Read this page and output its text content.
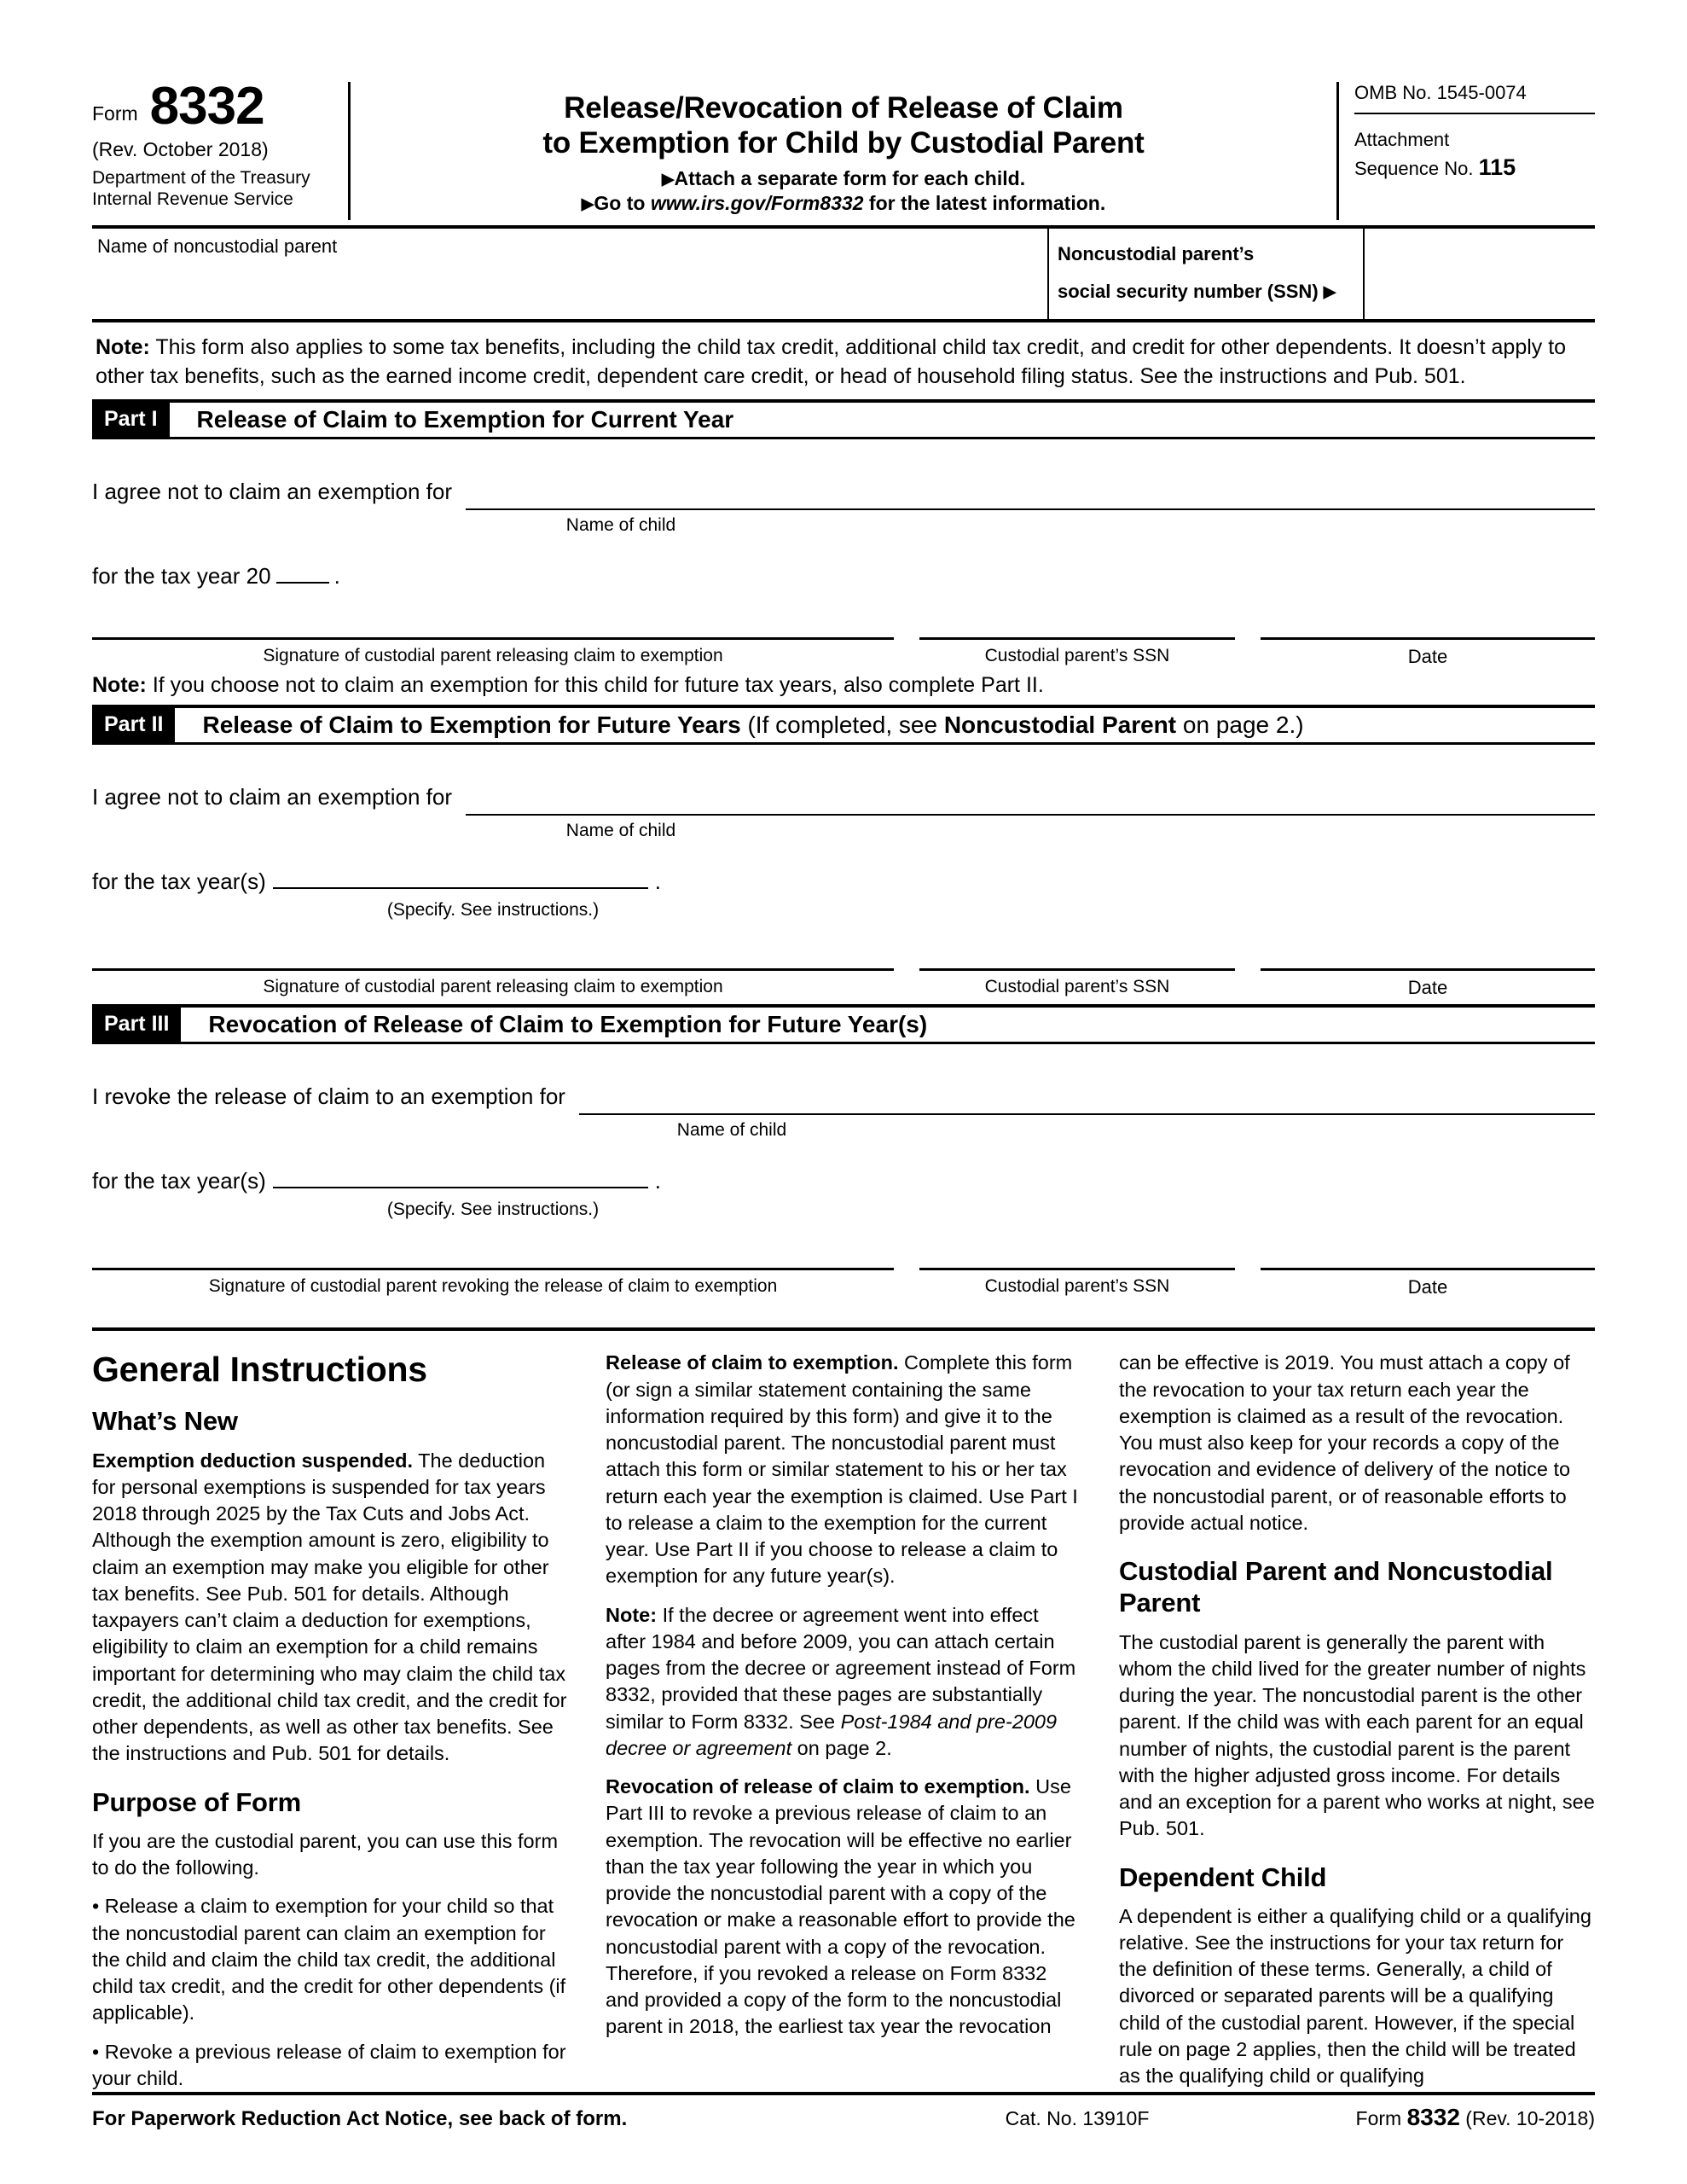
Form 8332
(Rev. October 2018)
Department of the Treasury
Internal Revenue Service
Release/Revocation of Release of Claim
to Exemption for Child by Custodial Parent
▶Attach a separate form for each child.
▶Go to www.irs.gov/Form8332 for the latest information.
OMB No. 1545-0074
Attachment
Sequence No. 115
Name of noncustodial parent	Noncustodial parent’s
social security number (SSN) ▶
Note: This form also applies to some tax benefits, including the child tax credit, additional child tax credit, and credit for other dependents. It doesn’t apply to other tax benefits, such as the earned income credit, dependent care credit, or head of household filing status. See the instructions and Pub. 501.
Part I	Release of Claim to Exemption for Current Year
I agree not to claim an exemption for
Name of child
for the tax year 20	.
Signature of custodial parent releasing claim to exemption	Custodial parent’s SSN	Date
Note: If you choose not to claim an exemption for this child for future tax years, also complete Part II.
Part II	Release of Claim to Exemption for Future Years (If completed, see Noncustodial Parent on page 2.)
I agree not to claim an exemption for
Name of child
for the tax year(s)	.
(Specify. See instructions.)
Signature of custodial parent releasing claim to exemption	Custodial parent’s SSN	Date
Part III	Revocation of Release of Claim to Exemption for Future Year(s)
I revoke the release of claim to an exemption for
Name of child
for the tax year(s)	.
(Specify. See instructions.)
Signature of custodial parent revoking the release of claim to exemption	Custodial parent’s SSN	Date
General Instructions
What’s New

Exemption deduction suspended. The deduction for personal exemptions is suspended for tax years 2018 through 2025 by the Tax Cuts and Jobs Act. Although the exemption amount is zero, eligibility to claim an exemption may make you eligible for other tax benefits. See Pub. 501 for details. Although taxpayers can’t claim a deduction for exemptions, eligibility to claim an exemption for a child remains important for determining who may claim the child tax credit, the additional child tax credit, and the credit for other dependents, as well as other tax benefits. See the instructions and Pub. 501 for details.

Purpose of Form

If you are the custodial parent, you can use this form to do the following.

• Release a claim to exemption for your child so that the noncustodial parent can claim an exemption for the child and claim the child tax credit, the additional child tax credit, and the credit for other dependents (if applicable).

• Revoke a previous release of claim to exemption for your child.

Release of claim to exemption. Complete this form (or sign a similar statement containing the same information required by this form) and give it to the noncustodial parent. The noncustodial parent must attach this form or similar statement to his or her tax return each year the exemption is claimed. Use Part I to release a claim to the exemption for the current year. Use Part II if you choose to release a claim to exemption for any future year(s).

Note: If the decree or agreement went into effect after 1984 and before 2009, you can attach certain pages from the decree or agreement instead of Form 8332, provided that these pages are substantially similar to Form 8332. See Post-1984 and pre-2009 decree or agreement on page 2.

Revocation of release of claim to exemption. Use Part III to revoke a previous release of claim to an exemption. The revocation will be effective no earlier than the tax year following the year in which you provide the noncustodial parent with a copy of the revocation or make a reasonable effort to provide the noncustodial parent with a copy of the revocation. Therefore, if you revoked a release on Form 8332 and provided a copy of the form to the noncustodial parent in 2018, the earliest tax year the revocation

can be effective is 2019. You must attach a copy of the revocation to your tax return each year the exemption is claimed as a result of the revocation. You must also keep for your records a copy of the revocation and evidence of delivery of the notice to the noncustodial parent, or of reasonable efforts to provide actual notice.

Custodial Parent and Noncustodial Parent

The custodial parent is generally the parent with whom the child lived for the greater number of nights during the year. The noncustodial parent is the other parent. If the child was with each parent for an equal number of nights, the custodial parent is the parent with the higher adjusted gross income. For details and an exception for a parent who works at night, see Pub. 501.

Dependent Child

A dependent is either a qualifying child or a qualifying relative. See the instructions for your tax return for the definition of these terms. Generally, a child of divorced or separated parents will be a qualifying child of the custodial parent. However, if the special rule on page 2 applies, then the child will be treated as the qualifying child or qualifying

For Paperwork Reduction Act Notice, see back of form.	Cat. No. 13910F	Form 8332 (Rev. 10-2018)
